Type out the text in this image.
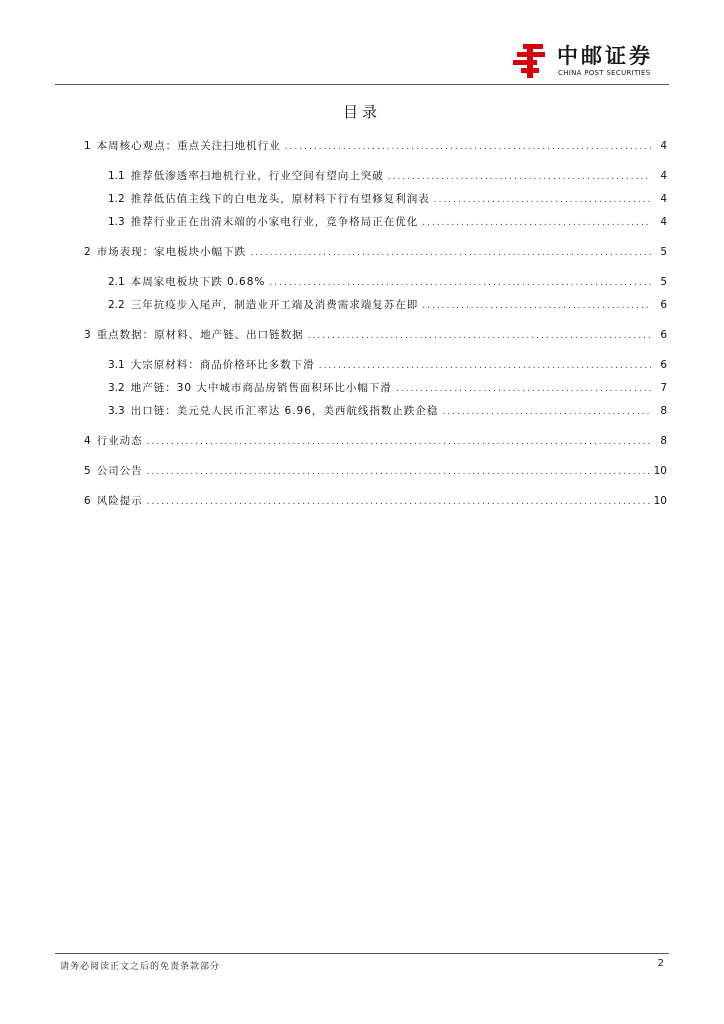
中邮证券
CHINA POST SECURITIES
目录
1 本周核心观点：重点关注扫地机行业 .....	4
1.1 推荐低渗透率扫地机行业，行业空间有望向上突破 .....	4
1.2 推荐低估值主线下的白电龙头，原材料下行有望修复利润表 .....	4
1.3 推荐行业正在出清末端的小家电行业，竞争格局正在优化 .....	4
2 市场表现：家电板块小幅下跌 .....	5
2.1 本周家电板块下跌 0.68% .....	5
2.2 三年抗疫步入尾声，制造业开工端及消费需求端复苏在即 .....	6
3 重点数据：原材料、地产链、出口链数据 .....	6
3.1 大宗原材料：商品价格环比多数下滑 .....	6
3.2 地产链：30 大中城市商品房销售面积环比小幅下滑 .....	7
3.3 出口链：美元兑人民币汇率达 6.96，美西航线指数止跌企稳 .....	8
4 行业动态 .....	8
5 公司公告 .....	10
6 风险提示 .....	10
请务必阅读正文之后的免责条款部分	2
